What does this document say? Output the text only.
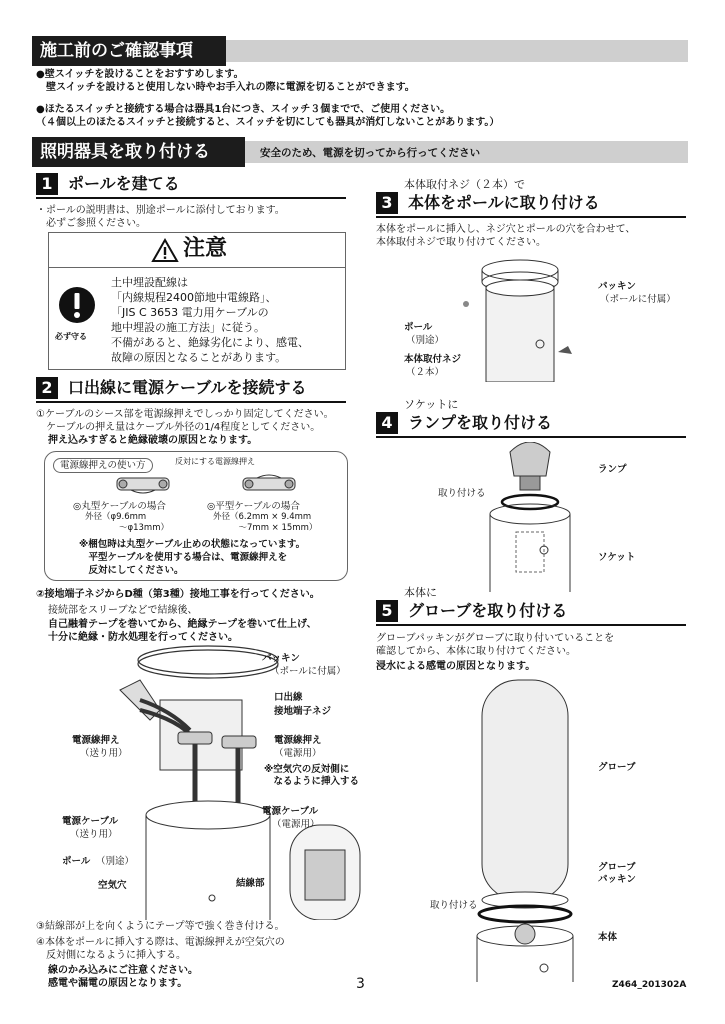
施工前のご確認事項
●壁スイッチを設けることをおすすめします。
　壁スイッチを設けると使用しない時やお手入れの際に電源を切ることができます。
●ほたるスイッチと接続する場合は器具1台につき、スイッチ３個までで、ご使用ください。
（４個以上のほたるスイッチと接続すると、スイッチを切にしても器具が消灯しないことがあります。）
照明器具を取り付ける	安全のため、電源を切ってから行ってください
1 ポールを建てる
・ポールの説明書は、別途ポールに添付しております。
　必ずご参照ください。
注意
必ず守る
土中埋設配線は
「内線規程2400節地中電線路」、
「JIS C 3653 電力用ケーブルの
地中埋設の施工方法」に従う。
不備があると、絶縁劣化により、感電、
故障の原因となることがあります。
2 口出線に電源ケーブルを接続する
①ケーブルのシース部を電源線押えでしっかり固定してください。
　ケーブルの押え量はケーブル外径の1/4程度としてください。
押え込みすぎると絶縁破壊の原因となります。
電源線押えの使い方	反対にする電源線押え
◎丸型ケーブルの場合
外径（φ9.6mm
　　　　～φ13mm）
◎平型ケーブルの場合
外径（6.2mm × 9.4mm
　　　～7mm × 15mm）
※梱包時は丸型ケーブル止めの状態になっています。
　平型ケーブルを使用する場合は、電源線押えを
　反対にしてください。
②接地端子ネジからD種（第3種）接地工事を行ってください。
接続部をスリーブなどで結線後、
自己融着テープを巻いてから、絶縁テープを巻いて仕上げ、
十分に絶縁・防水処理を行ってください。
パッキン
（ポールに付属）
口出線
接地端子ネジ
電源線押え
（送り用）
電源線押え
（電源用）
※空気穴の反対側に
　なるように挿入する
電源ケーブル
（電源用）
電源ケーブル
（送り用）
ポール （別途）
空気穴	結線部
③結線部が上を向くようにテープ等で強く巻き付ける。
④本体をポールに挿入する際は、電源線押えが空気穴の
　反対側になるように挿入する。
線のかみ込みにご注意ください。
感電や漏電の原因となります。
本体取付ネジ（２本）で
3 本体をポールに取り付ける
本体をポールに挿入し、ネジ穴とポールの穴を合わせて、
本体取付ネジで取り付けてください。
パッキン
（ポールに付属）
ポール
（別途）
本体取付ネジ
（２本）
ソケットに
4 ランプを取り付ける
ランプ
取り付ける
ソケット
本体に
5 グローブを取り付ける
グローブパッキンがグローブに取り付いていることを
確認してから、本体に取り付けてください。
浸水による感電の原因となります。
グローブ
グローブ
パッキン
取り付ける
本体
3	Z464_201302A
